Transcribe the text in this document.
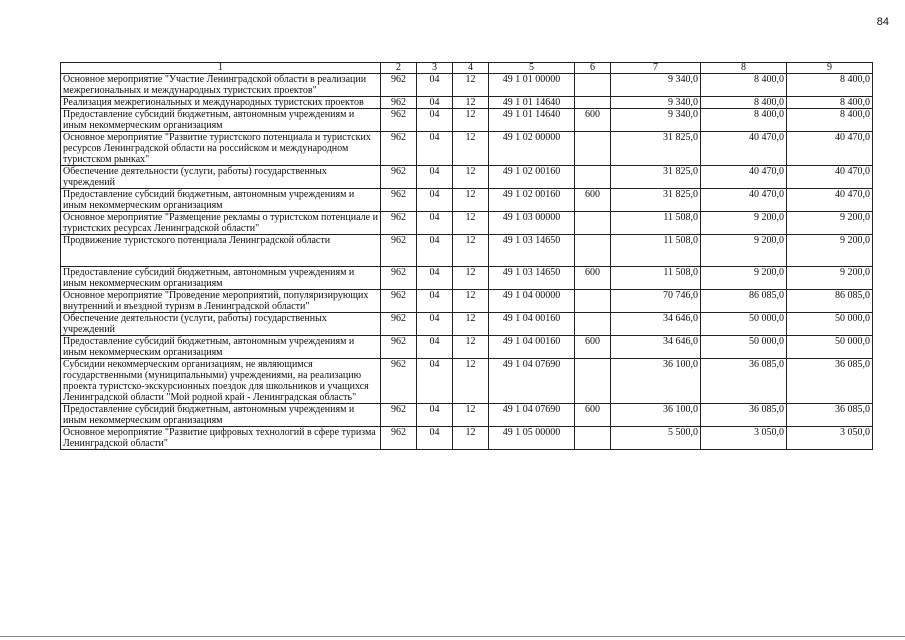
84
1	2	3	4	5	6	7	8	9
Основное мероприятие "Участие Ленинградской области в реализации межрегиональных и международных туристских проектов"	962	04	12	49 1 01 00000		9 340,0	8 400,0	8 400,0
Реализация межрегиональных и международных туристских проектов	962	04	12	49 1 01 14640		9 340,0	8 400,0	8 400,0
Предоставление субсидий бюджетным, автономным учреждениям и иным некоммерческим организациям	962	04	12	49 1 01 14640	600	9 340,0	8 400,0	8 400,0
Основное мероприятие "Развитие туристского потенциала и туристских ресурсов Ленинградской области на российском и международном туристском рынках"	962	04	12	49 1 02 00000		31 825,0	40 470,0	40 470,0
Обеспечение деятельности (услуги, работы) государственных учреждений	962	04	12	49 1 02 00160		31 825,0	40 470,0	40 470,0
Предоставление субсидий бюджетным, автономным учреждениям и иным некоммерческим организациям	962	04	12	49 1 02 00160	600	31 825,0	40 470,0	40 470,0
Основное мероприятие "Размещение рекламы о туристском потенциале и туристских ресурсах Ленинградской области"	962	04	12	49 1 03 00000		11 508,0	9 200,0	9 200,0
Продвижение туристского потенциала Ленинградской области	962	04	12	49 1 03 14650		11 508,0	9 200,0	9 200,0
Предоставление субсидий бюджетным, автономным учреждениям и иным некоммерческим организациям	962	04	12	49 1 03 14650	600	11 508,0	9 200,0	9 200,0
Основное мероприятие "Проведение мероприятий, популяризирующих внутренний и въездной туризм в Ленинградской области"	962	04	12	49 1 04 00000		70 746,0	86 085,0	86 085,0
Обеспечение деятельности (услуги, работы) государственных учреждений	962	04	12	49 1 04 00160		34 646,0	50 000,0	50 000,0
Предоставление субсидий бюджетным, автономным учреждениям и иным некоммерческим организациям	962	04	12	49 1 04 00160	600	34 646,0	50 000,0	50 000,0
Субсидии некоммерческим организациям, не являющимся государственными (муниципальными) учреждениями, на реализацию проекта туристско-экскурсионных поездок для школьников и учащихся Ленинградской области "Мой родной край - Ленинградская область"	962	04	12	49 1 04 07690		36 100,0	36 085,0	36 085,0
Предоставление субсидий бюджетным, автономным учреждениям и иным некоммерческим организациям	962	04	12	49 1 04 07690	600	36 100,0	36 085,0	36 085,0
Основное мероприятие "Развитие цифровых технологий в сфере туризма Ленинградской области"	962	04	12	49 1 05 00000		5 500,0	3 050,0	3 050,0
